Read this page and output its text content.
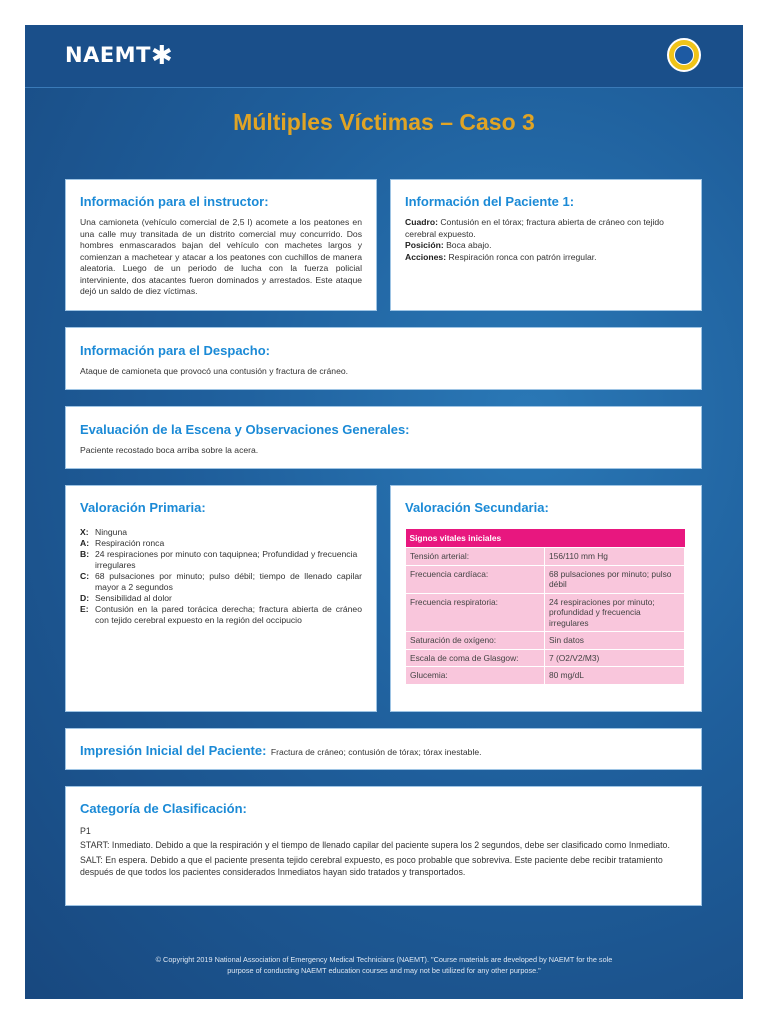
NAEMT✱
Múltiples Víctimas – Caso 3
Información para el instructor:

Una camioneta (vehículo comercial de 2,5 l) acomete a los peatones en una calle muy transitada de un distrito comercial muy concurrido. Dos hombres enmascarados bajan del vehículo con machetes largos y comienzan a machetear y atacar a los peatones con cuchillos de manera aleatoria. Luego de un periodo de lucha con la fuerza policial interviniente, dos atacantes fueron dominados y arrestados. Este ataque dejó un saldo de diez víctimas.

Información del Paciente 1:

Cuadro: Contusión en el tórax; fractura abierta de cráneo con tejido cerebral expuesto.

Posición: Boca abajo.

Acciones: Respiración ronca con patrón irregular.

Información para el Despacho:

Ataque de camioneta que provocó una contusión y fractura de cráneo.

Evaluación de la Escena y Observaciones Generales:

Paciente recostado boca arriba sobre la acera.

Valoración Primaria:
X: Ninguna
A: Respiración ronca
B: 24 respiraciones por minuto con taquipnea; Profundidad y frecuencia irregulares
C: 68 pulsaciones por minuto; pulso débil; tiempo de llenado capilar mayor a 2 segundos
D: Sensibilidad al dolor
E: Contusión en la pared torácica derecha; fractura abierta de cráneo con tejido cerebral expuesto en la región del occipucio
Valoración Secundaria:
Signos vitales iniciales	
Tensión arterial:	156/110 mm Hg
Frecuencia cardíaca:	68 pulsaciones por minuto; pulso débil
Frecuencia respiratoria:	24 respiraciones por minuto; profundidad y frecuencia irregulares
Saturación de oxígeno:	Sin datos
Escala de coma de Glasgow:	7 (O2/V2/M3)
Glucemia:	80 mg/dL
Impresión Inicial del Paciente: Fractura de cráneo; contusión de tórax; tórax inestable.
Categoría de Clasificación:

P1

START: Inmediato. Debido a que la respiración y el tiempo de llenado capilar del paciente supera los 2 segundos, debe ser clasificado como Inmediato.

SALT: En espera. Debido a que el paciente presenta tejido cerebral expuesto, es poco probable que sobreviva. Este paciente debe recibir tratamiento después de que todos los pacientes considerados Inmediatos hayan sido tratados y transportados.

© Copyright 2019 National Association of Emergency Medical Technicians (NAEMT). "Course materials are developed by NAEMT for the sole
purpose of conducting NAEMT education courses and may not be utilized for any other purpose."
